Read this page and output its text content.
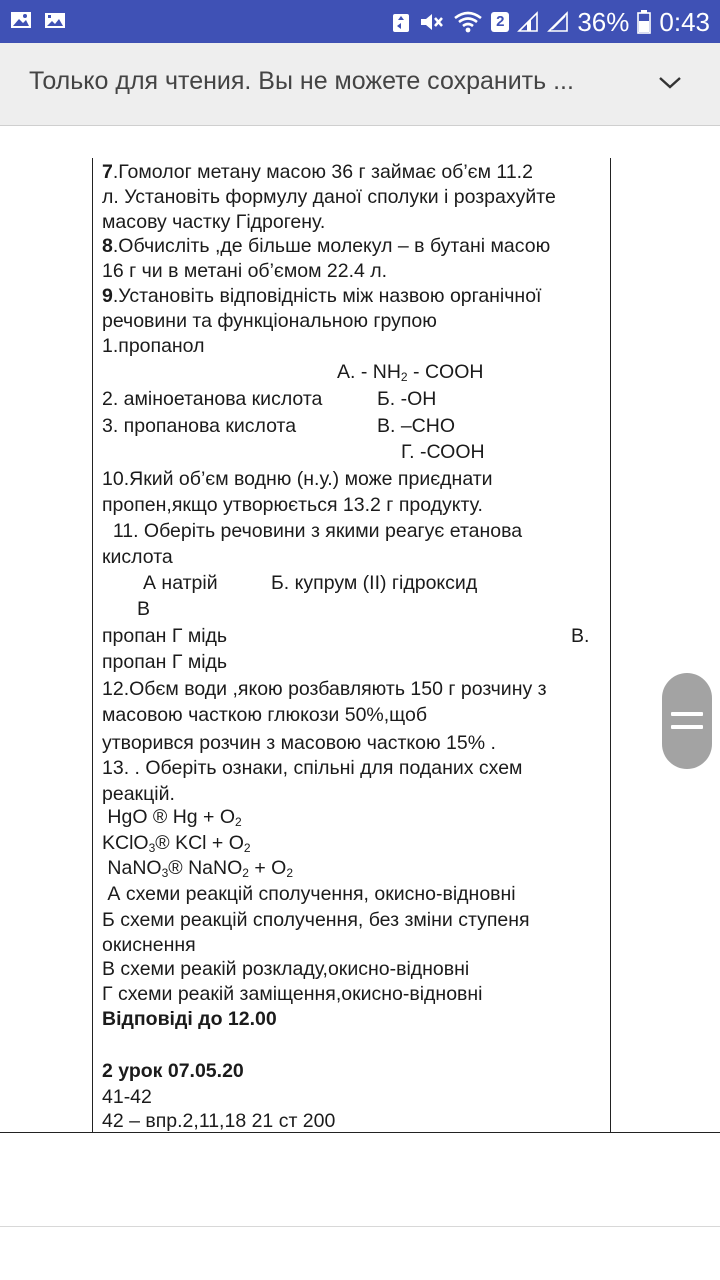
2	36% 0:43
Только для чтения. Вы не можете сохранить ...
7.Гомолог метану масою 36 г займає об’єм 11.2
л. Установіть формулу даної сполуки і розрахуйте
масову частку Гідрогену.
8.Обчисліть ,де більше молекул – в бутані масою
16 г чи в метані об’ємом 22.4 л.
9.Установіть відповідність між назвою органічної
речовини та функціональною групою
1.пропанол
А. - $NH_2$ - COOH
2. аміноетанова кислота	Б. -ОН
3. пропанова кислота	В. –СНО
Г. -СООН
10.Який об’єм водню (н.у.) може приєднати
пропен,якщо утворюється 13.2 г продукту.
11. Оберіть речовини з якими реагує етанова
кислота
А натрій	Б. купрум (ІІ) гідроксид
В
пропан Г мідь	В.
пропан Г мідь
12.Обєм води ,якою розбавляють 150 г розчину з
масовою часткою глюкози 50%,щоб
утворився розчин з масовою часткою 15% .
13. . Оберіть ознаки, спільні для поданих схем
реакцій.
HgO ® $Hg + O_2$
KClO$_3$® KCl + $O_2$
NaNO$_3$® NaNO$_2$ + $O_2$
А схеми реакцій сполучення, окисно-відновні
Б схеми реакцій сполучення, без зміни ступеня
окиснення
В схеми реакій розкладу,окисно-відновні
Г схеми реакій заміщення,окисно-відновні
Відповіді до 12.00
2 урок 07.05.20
41-42
42 – впр.2,11,18 21 ст 200
